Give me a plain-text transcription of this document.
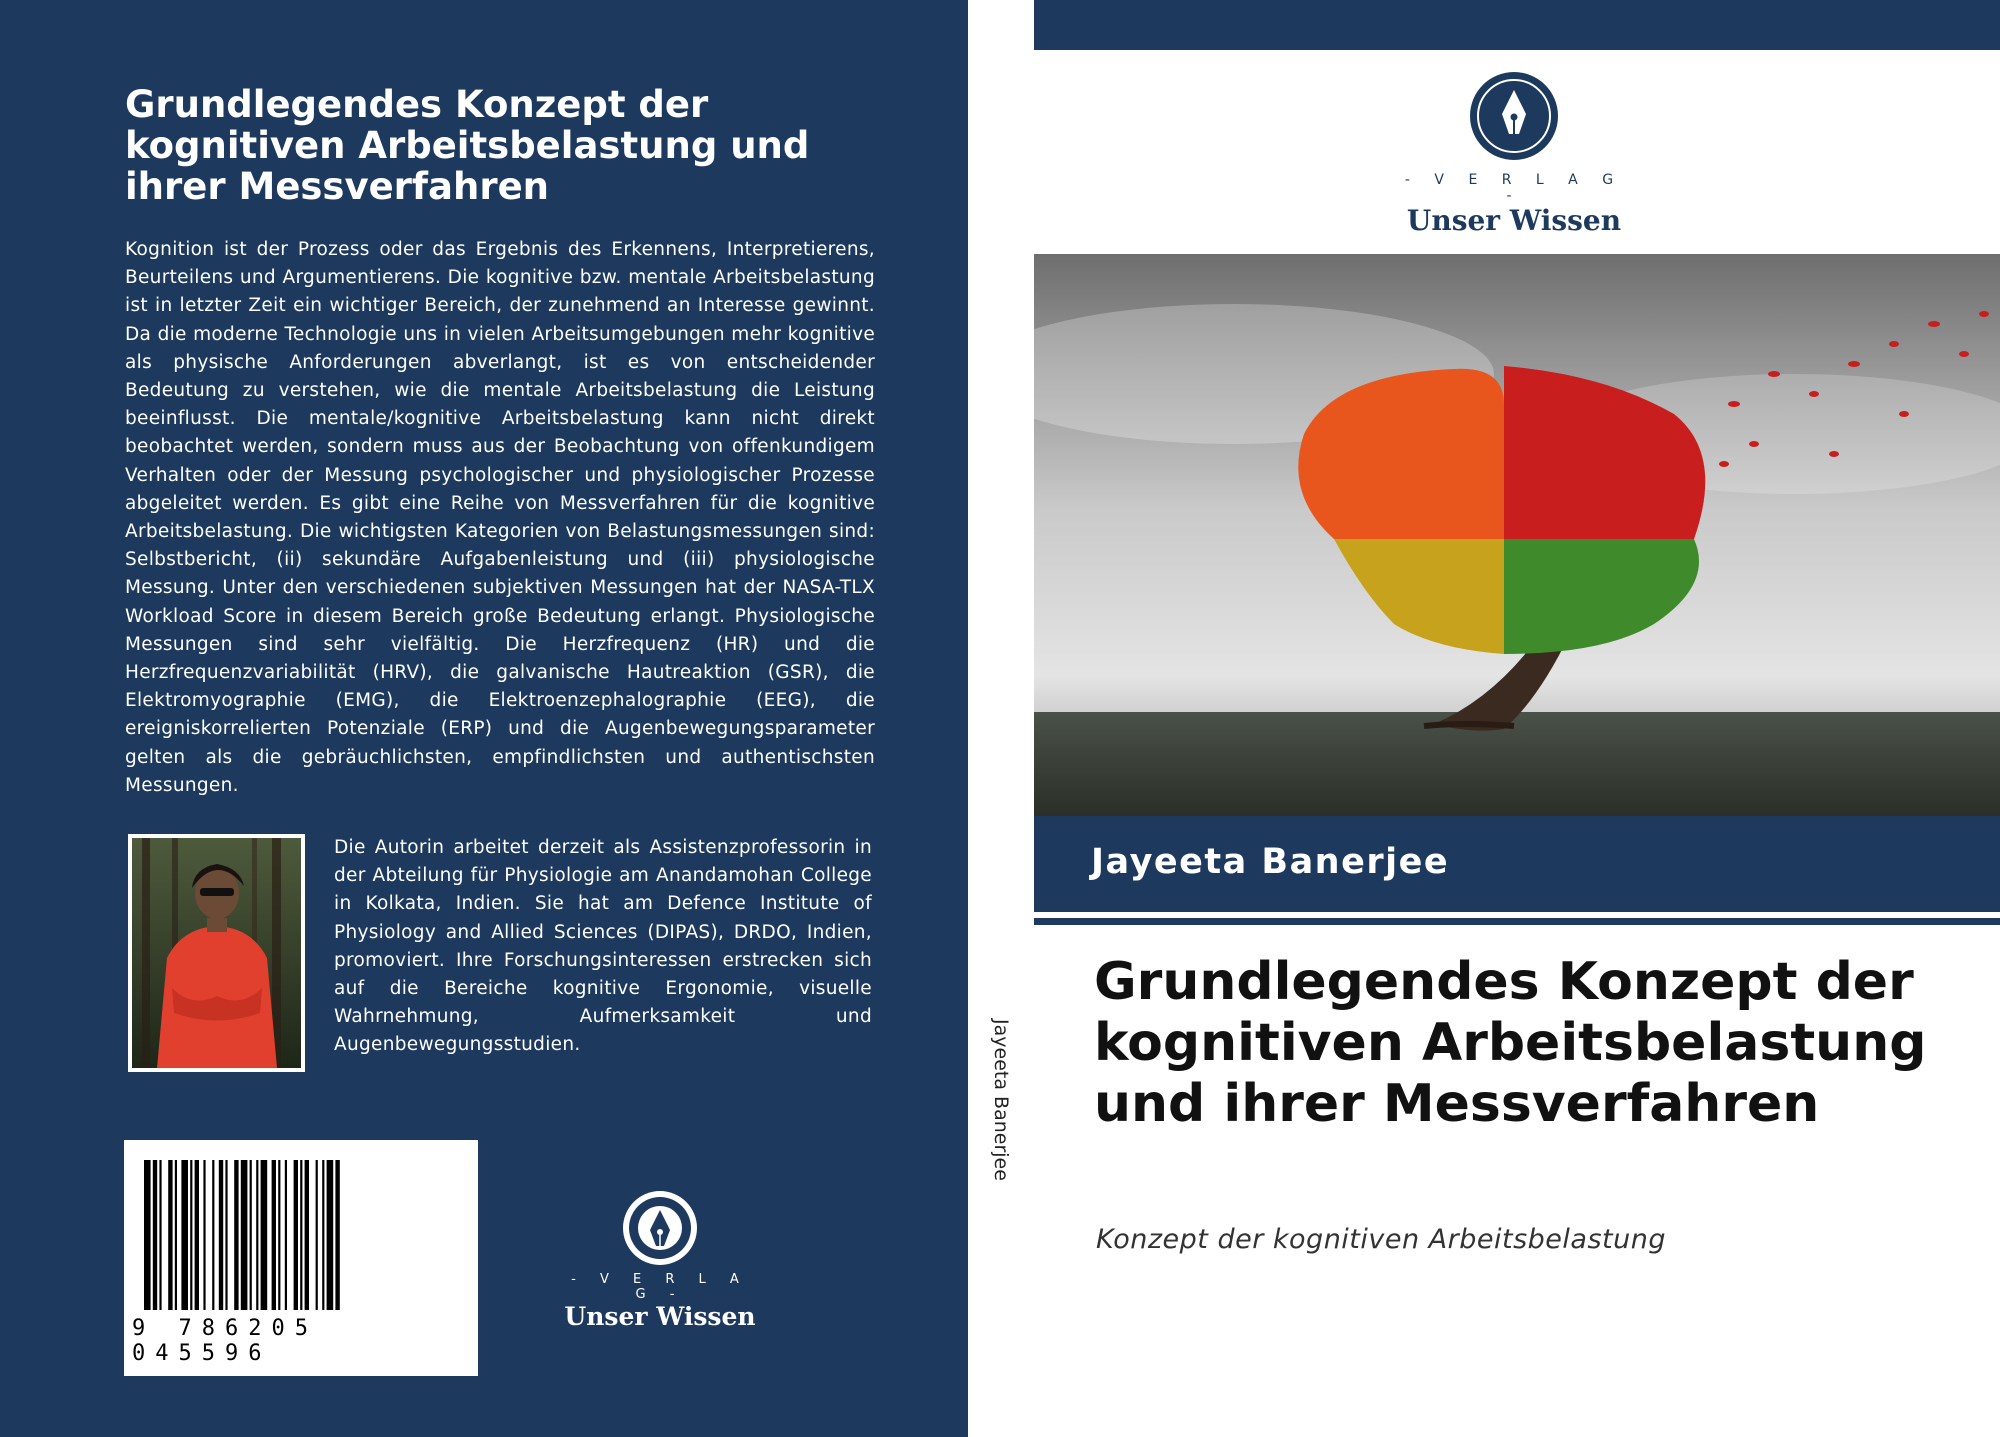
Grundlegendes Konzept der kognitiven Arbeitsbelastung und ihrer Messverfahren

Kognition ist der Prozess oder das Ergebnis des Erkennens, Interpretierens, Beurteilens und Argumentierens. Die kognitive bzw. mentale Arbeitsbelastung ist in letzter Zeit ein wichtiger Bereich, der zunehmend an Interesse gewinnt. Da die moderne Technologie uns in vielen Arbeitsumgebungen mehr kognitive als physische Anforderungen abverlangt, ist es von entscheidender Bedeutung zu verstehen, wie die mentale Arbeitsbelastung die Leistung beeinflusst. Die mentale/kognitive Arbeitsbelastung kann nicht direkt beobachtet werden, sondern muss aus der Beobachtung von offenkundigem Verhalten oder der Messung psychologischer und physiologischer Prozesse abgeleitet werden. Es gibt eine Reihe von Messverfahren für die kognitive Arbeitsbelastung. Die wichtigsten Kategorien von Belastungsmessungen sind: Selbstbericht, (ii) sekundäre Aufgabenleistung und (iii) physiologische Messung. Unter den verschiedenen subjektiven Messungen hat der NASA-TLX Workload Score in diesem Bereich große Bedeutung erlangt. Physiologische Messungen sind sehr vielfältig. Die Herzfrequenz (HR) und die Herzfrequenzvariabilität (HRV), die galvanische Hautreaktion (GSR), die Elektromyographie (EMG), die Elektroenzephalographie (EEG), die ereigniskorrelierten Potenziale (ERP) und die Augenbewegungsparameter gelten als die gebräuchlichsten, empfindlichsten und authentischsten Messungen.

Die Autorin arbeitet derzeit als Assistenzprofessorin in der Abteilung für Physiologie am Anandamohan College in Kolkata, Indien. Sie hat am Defence Institute of Physiology and Allied Sciences (DIPAS), DRDO, Indien, promoviert. Ihre Forschungsinteressen erstrecken sich auf die Bereiche kognitive Ergonomie, visuelle Wahrnehmung, Aufmerksamkeit und Augenbewegungsstudien.

9 786205 045596
- V E R L A G -
Unser Wissen
Jayeeta Banerjee
- V E R L A G -
Unser Wissen
Jayeeta Banerjee
Grundlegendes Konzept der kognitiven Arbeitsbelastung und ihrer Messverfahren
Konzept der kognitiven Arbeitsbelastung
